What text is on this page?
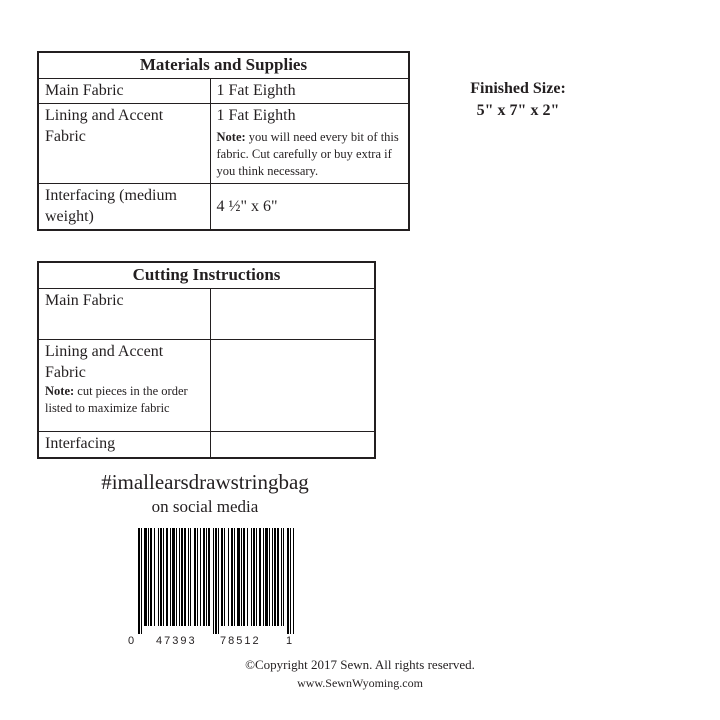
Materials and Supplies	
Main Fabric	1 Fat Eighth
Lining and Accent Fabric	1 Fat Eighth
Note: you will need every bit of this fabric. Cut carefully or buy extra if you think necessary.

Interfacing (medium weight)	4 ½" x 6"
Finished Size:
5" x 7" x 2"
Cutting Instructions	
Main Fabric	
Lining and Accent Fabric
Note: cut pieces in the order listed to maximize fabric	

Interfacing	
#imallearsdrawstringbag
on social media
0 47393 78512 1
©Copyright 2017 Sewn. All rights reserved.
www.SewnWyoming.com
